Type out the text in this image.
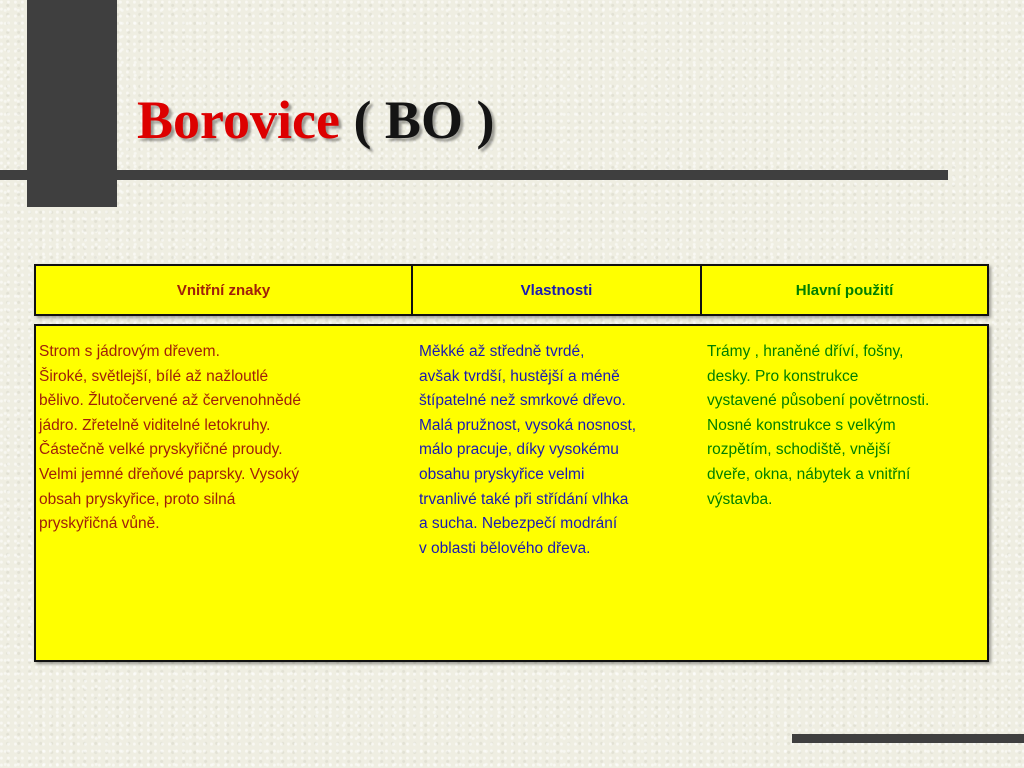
Borovice ( BO )
Vnitřní znaky	Vlastnosti	Hlavní použití
Strom s jádrovým dřevem.
Široké, světlejší, bílé až nažloutlé
bělivo. Žlutočervené až červenohnědé
jádro. Zřetelně viditelné letokruhy.
Částečně velké pryskyřičné proudy.
Velmi jemné dřeňové paprsky. Vysoký
obsah pryskyřice, proto silná
pryskyřičná vůně.
Měkké až středně tvrdé,
avšak tvrdší, hustější a méně
štípatelné než smrkové dřevo.
Malá pružnost, vysoká nosnost,
málo pracuje, díky vysokému
obsahu pryskyřice velmi
trvanlivé také při střídání vlhka
a sucha. Nebezpečí modrání
v oblasti bělového dřeva.
Trámy , hraněné dříví, fošny,
desky. Pro konstrukce
vystavené působení povětrnosti.
Nosné konstrukce s velkým
rozpětím, schodiště, vnější
dveře, okna, nábytek a vnitřní
výstavba.
